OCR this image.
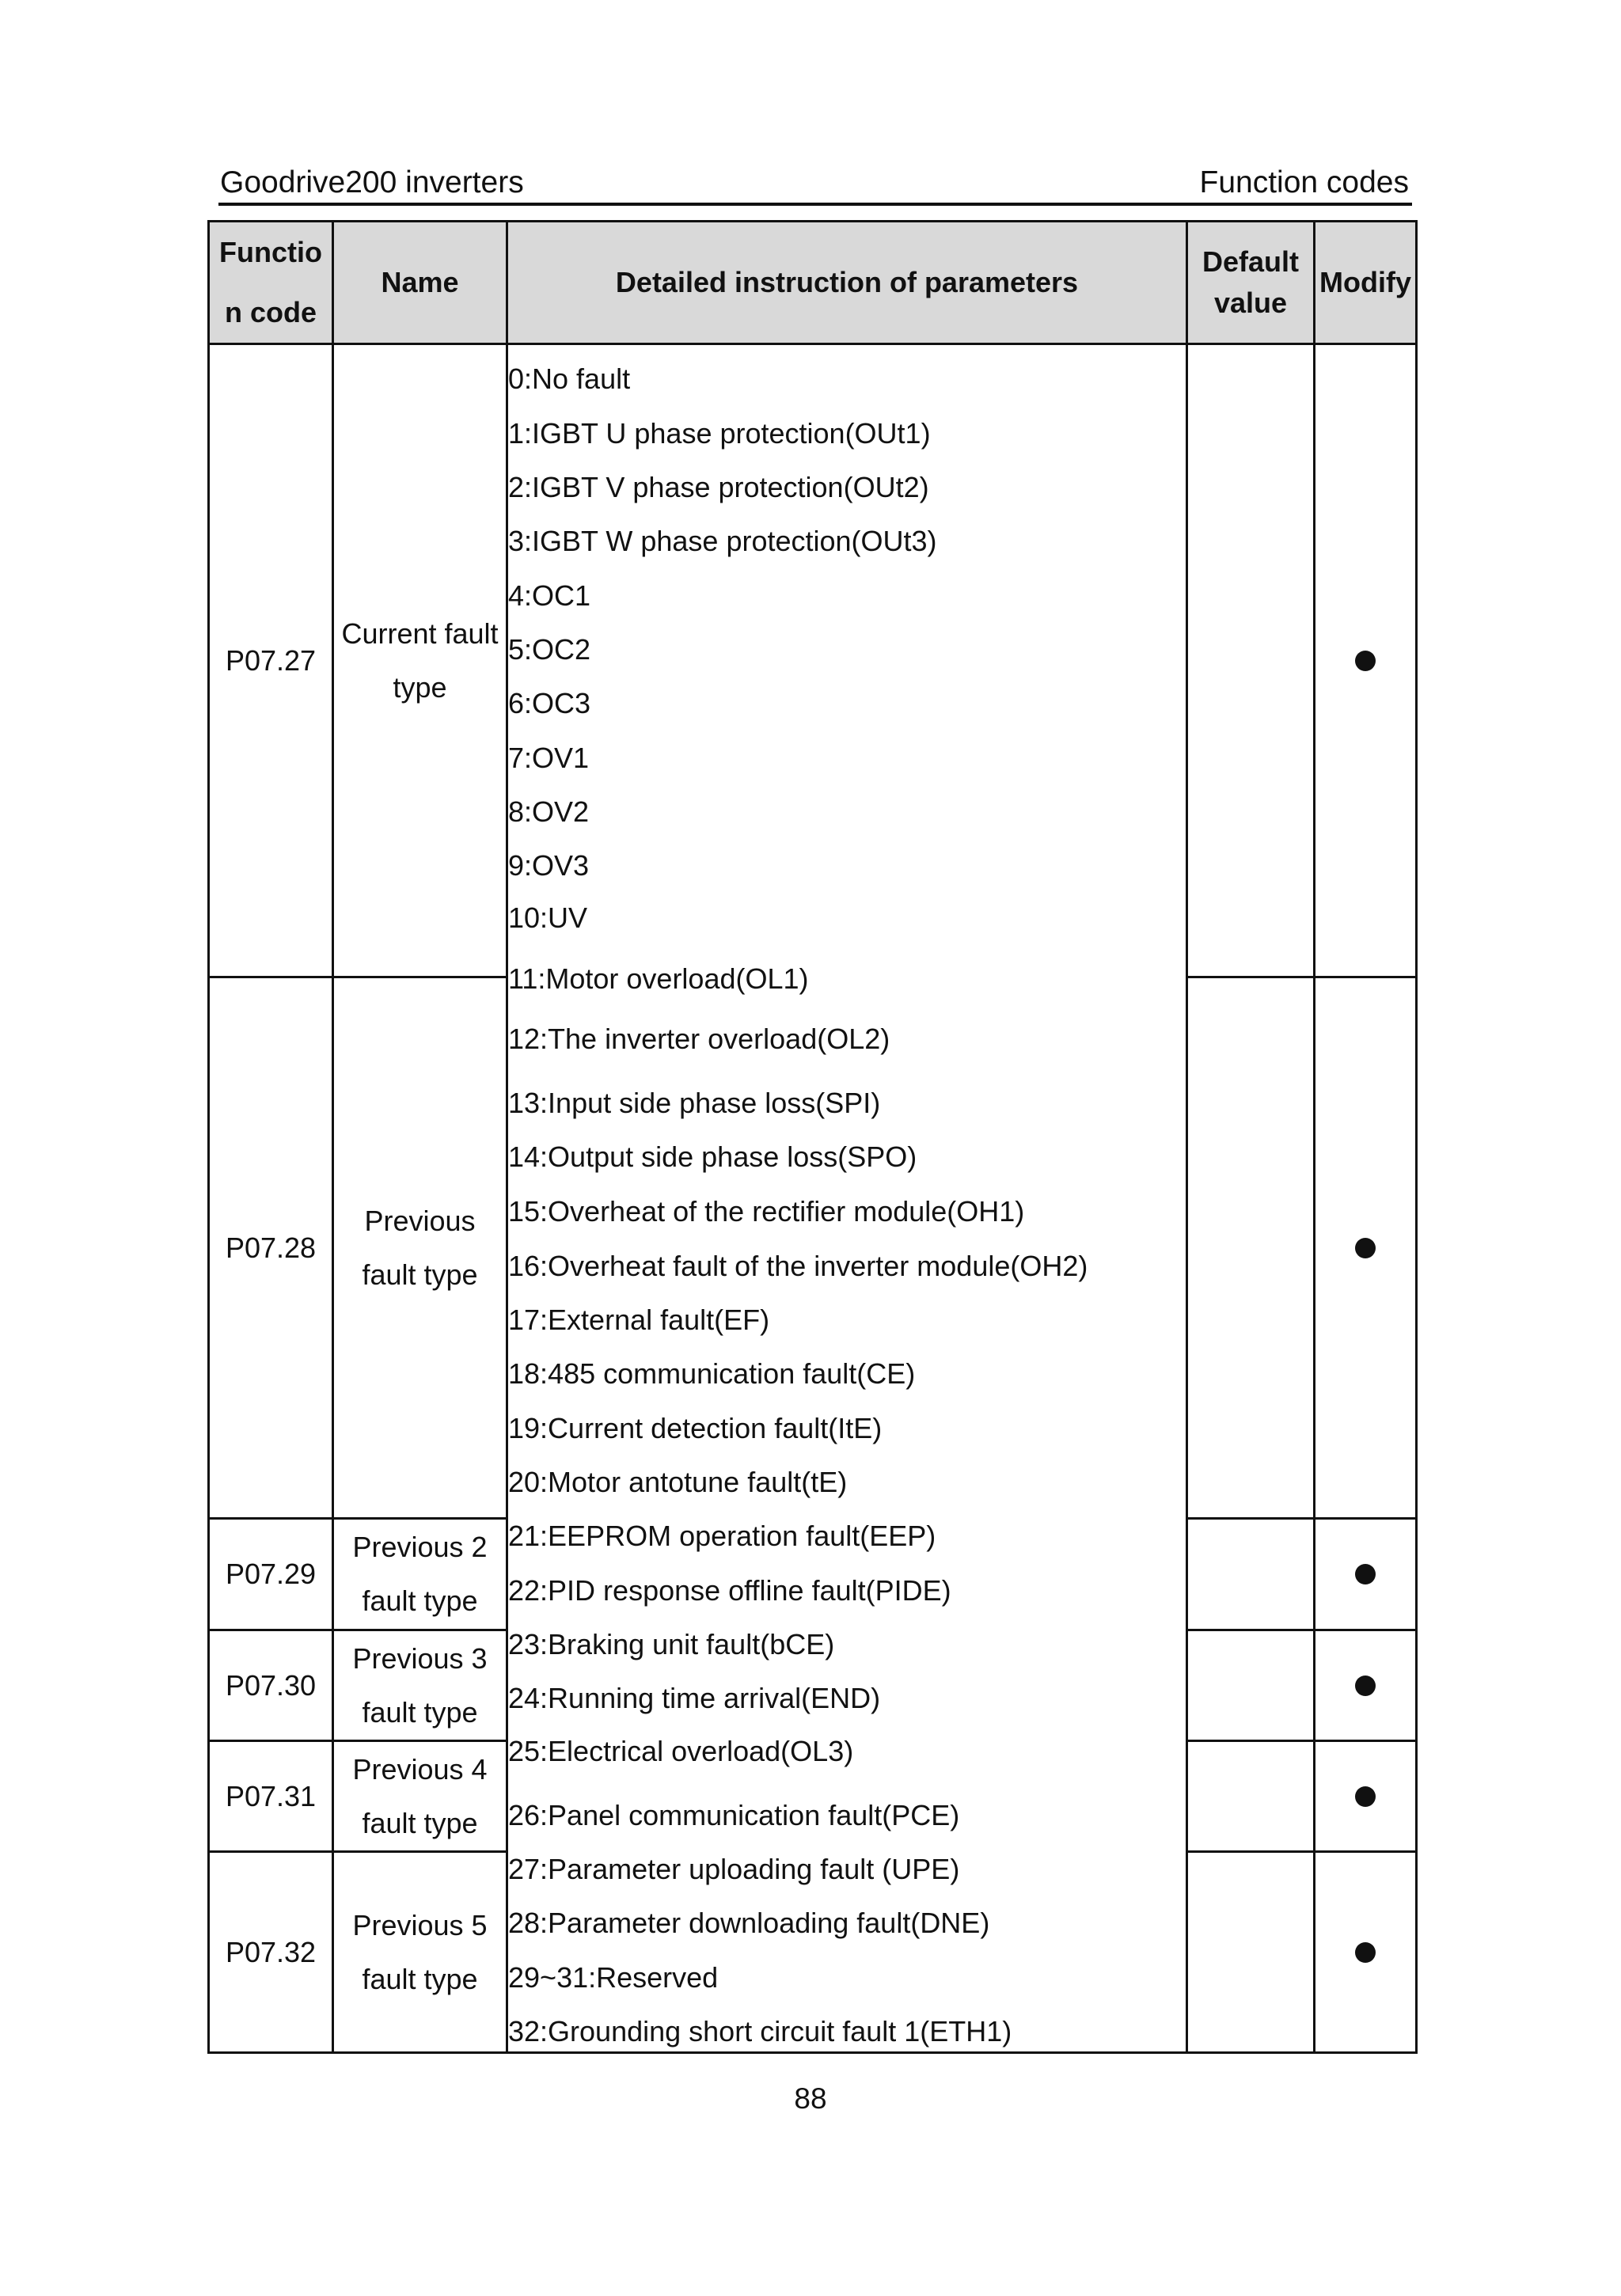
Goodrive200 inverters	Function codes
Functio
n code
Name	Detailed instruction of parameters
Default
value
Modify
P07.27
Current fault
type
P07.28
Previous
fault type
P07.29
Previous 2
fault type
P07.30
Previous 3
fault type
P07.31
Previous 4
fault type
P07.32
Previous 5
fault type
0:No fault
1:IGBT U phase protection(OUt1)
2:IGBT V phase protection(OUt2)
3:IGBT W phase protection(OUt3)
4:OC1
5:OC2
6:OC3
7:OV1
8:OV2
9:OV3
10:UV
11:Motor overload(OL1)
12:The inverter overload(OL2)
13:Input side phase loss(SPI)
14:Output side phase loss(SPO)
15:Overheat of the rectifier module(OH1)
16:Overheat fault of the inverter module(OH2)
17:External fault(EF)
18:485 communication fault(CE)
19:Current detection fault(ItE)
20:Motor antotune fault(tE)
21:EEPROM operation fault(EEP)
22:PID response offline fault(PIDE)
23:Braking unit fault(bCE)
24:Running time arrival(END)
25:Electrical overload(OL3)
26:Panel communication fault(PCE)
27:Parameter uploading fault (UPE)
28:Parameter downloading fault(DNE)
29~31:Reserved
32:Grounding short circuit fault 1(ETH1)
88
